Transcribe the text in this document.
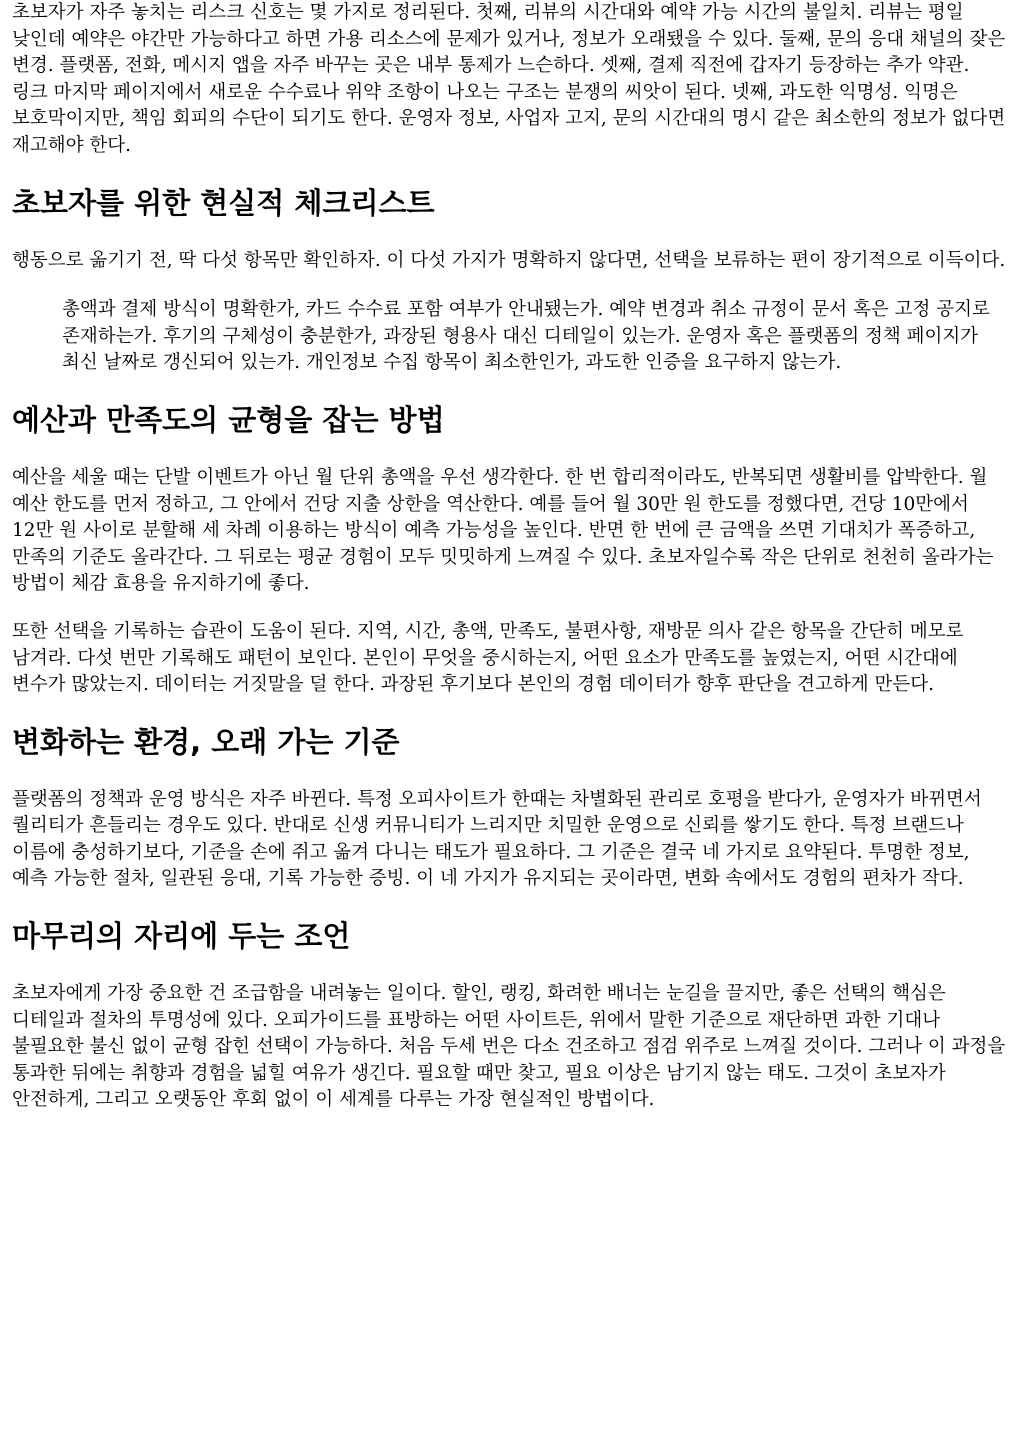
초보자가 자주 놓치는 리스크 신호는 몇 가지로 정리된다. 첫째, 리뷰의 시간대와 예약 가능 시간의 불일치. 리뷰는 평일 낮인데 예약은 야간만 가능하다고 하면 가용 리소스에 문제가 있거나, 정보가 오래됐을 수 있다. 둘째, 문의 응대 채널의 잦은 변경. 플랫폼, 전화, 메시지 앱을 자주 바꾸는 곳은 내부 통제가 느슨하다. 셋째, 결제 직전에 갑자기 등장하는 추가 약관. 링크 마지막 페이지에서 새로운 수수료나 위약 조항이 나오는 구조는 분쟁의 씨앗이 된다. 넷째, 과도한 익명성. 익명은 보호막이지만, 책임 회피의 수단이 되기도 한다. 운영자 정보, 사업자 고지, 문의 시간대의 명시 같은 최소한의 정보가 없다면 재고해야 한다.

초보자를 위한 현실적 체크리스트

행동으로 옮기기 전, 딱 다섯 항목만 확인하자. 이 다섯 가지가 명확하지 않다면, 선택을 보류하는 편이 장기적으로 이득이다.

총액과 결제 방식이 명확한가, 카드 수수료 포함 여부가 안내됐는가. 예약 변경과 취소 규정이 문서 혹은 고정 공지로 존재하는가. 후기의 구체성이 충분한가, 과장된 형용사 대신 디테일이 있는가. 운영자 혹은 플랫폼의 정책 페이지가 최신 날짜로 갱신되어 있는가. 개인정보 수집 항목이 최소한인가, 과도한 인증을 요구하지 않는가.

예산과 만족도의 균형을 잡는 방법

예산을 세울 때는 단발 이벤트가 아닌 월 단위 총액을 우선 생각한다. 한 번 합리적이라도, 반복되면 생활비를 압박한다. 월 예산 한도를 먼저 정하고, 그 안에서 건당 지출 상한을 역산한다. 예를 들어 월 30만 원 한도를 정했다면, 건당 10만에서 12만 원 사이로 분할해 세 차례 이용하는 방식이 예측 가능성을 높인다. 반면 한 번에 큰 금액을 쓰면 기대치가 폭증하고, 만족의 기준도 올라간다. 그 뒤로는 평균 경험이 모두 밋밋하게 느껴질 수 있다. 초보자일수록 작은 단위로 천천히 올라가는 방법이 체감 효용을 유지하기에 좋다.

또한 선택을 기록하는 습관이 도움이 된다. 지역, 시간, 총액, 만족도, 불편사항, 재방문 의사 같은 항목을 간단히 메모로 남겨라. 다섯 번만 기록해도 패턴이 보인다. 본인이 무엇을 중시하는지, 어떤 요소가 만족도를 높였는지, 어떤 시간대에 변수가 많았는지. 데이터는 거짓말을 덜 한다. 과장된 후기보다 본인의 경험 데이터가 향후 판단을 견고하게 만든다.

변화하는 환경, 오래 가는 기준

플랫폼의 정책과 운영 방식은 자주 바뀐다. 특정 오피사이트가 한때는 차별화된 관리로 호평을 받다가, 운영자가 바뀌면서 퀄리티가 흔들리는 경우도 있다. 반대로 신생 커뮤니티가 느리지만 치밀한 운영으로 신뢰를 쌓기도 한다. 특정 브랜드나 이름에 충성하기보다, 기준을 손에 쥐고 옮겨 다니는 태도가 필요하다. 그 기준은 결국 네 가지로 요약된다. 투명한 정보, 예측 가능한 절차, 일관된 응대, 기록 가능한 증빙. 이 네 가지가 유지되는 곳이라면, 변화 속에서도 경험의 편차가 작다.

마무리의 자리에 두는 조언

초보자에게 가장 중요한 건 조급함을 내려놓는 일이다. 할인, 랭킹, 화려한 배너는 눈길을 끌지만, 좋은 선택의 핵심은 디테일과 절차의 투명성에 있다. 오피가이드를 표방하는 어떤 사이트든, 위에서 말한 기준으로 재단하면 과한 기대나 불필요한 불신 없이 균형 잡힌 선택이 가능하다. 처음 두세 번은 다소 건조하고 점검 위주로 느껴질 것이다. 그러나 이 과정을 통과한 뒤에는 취향과 경험을 넓힐 여유가 생긴다. 필요할 때만 찾고, 필요 이상은 남기지 않는 태도. 그것이 초보자가 안전하게, 그리고 오랫동안 후회 없이 이 세계를 다루는 가장 현실적인 방법이다.
